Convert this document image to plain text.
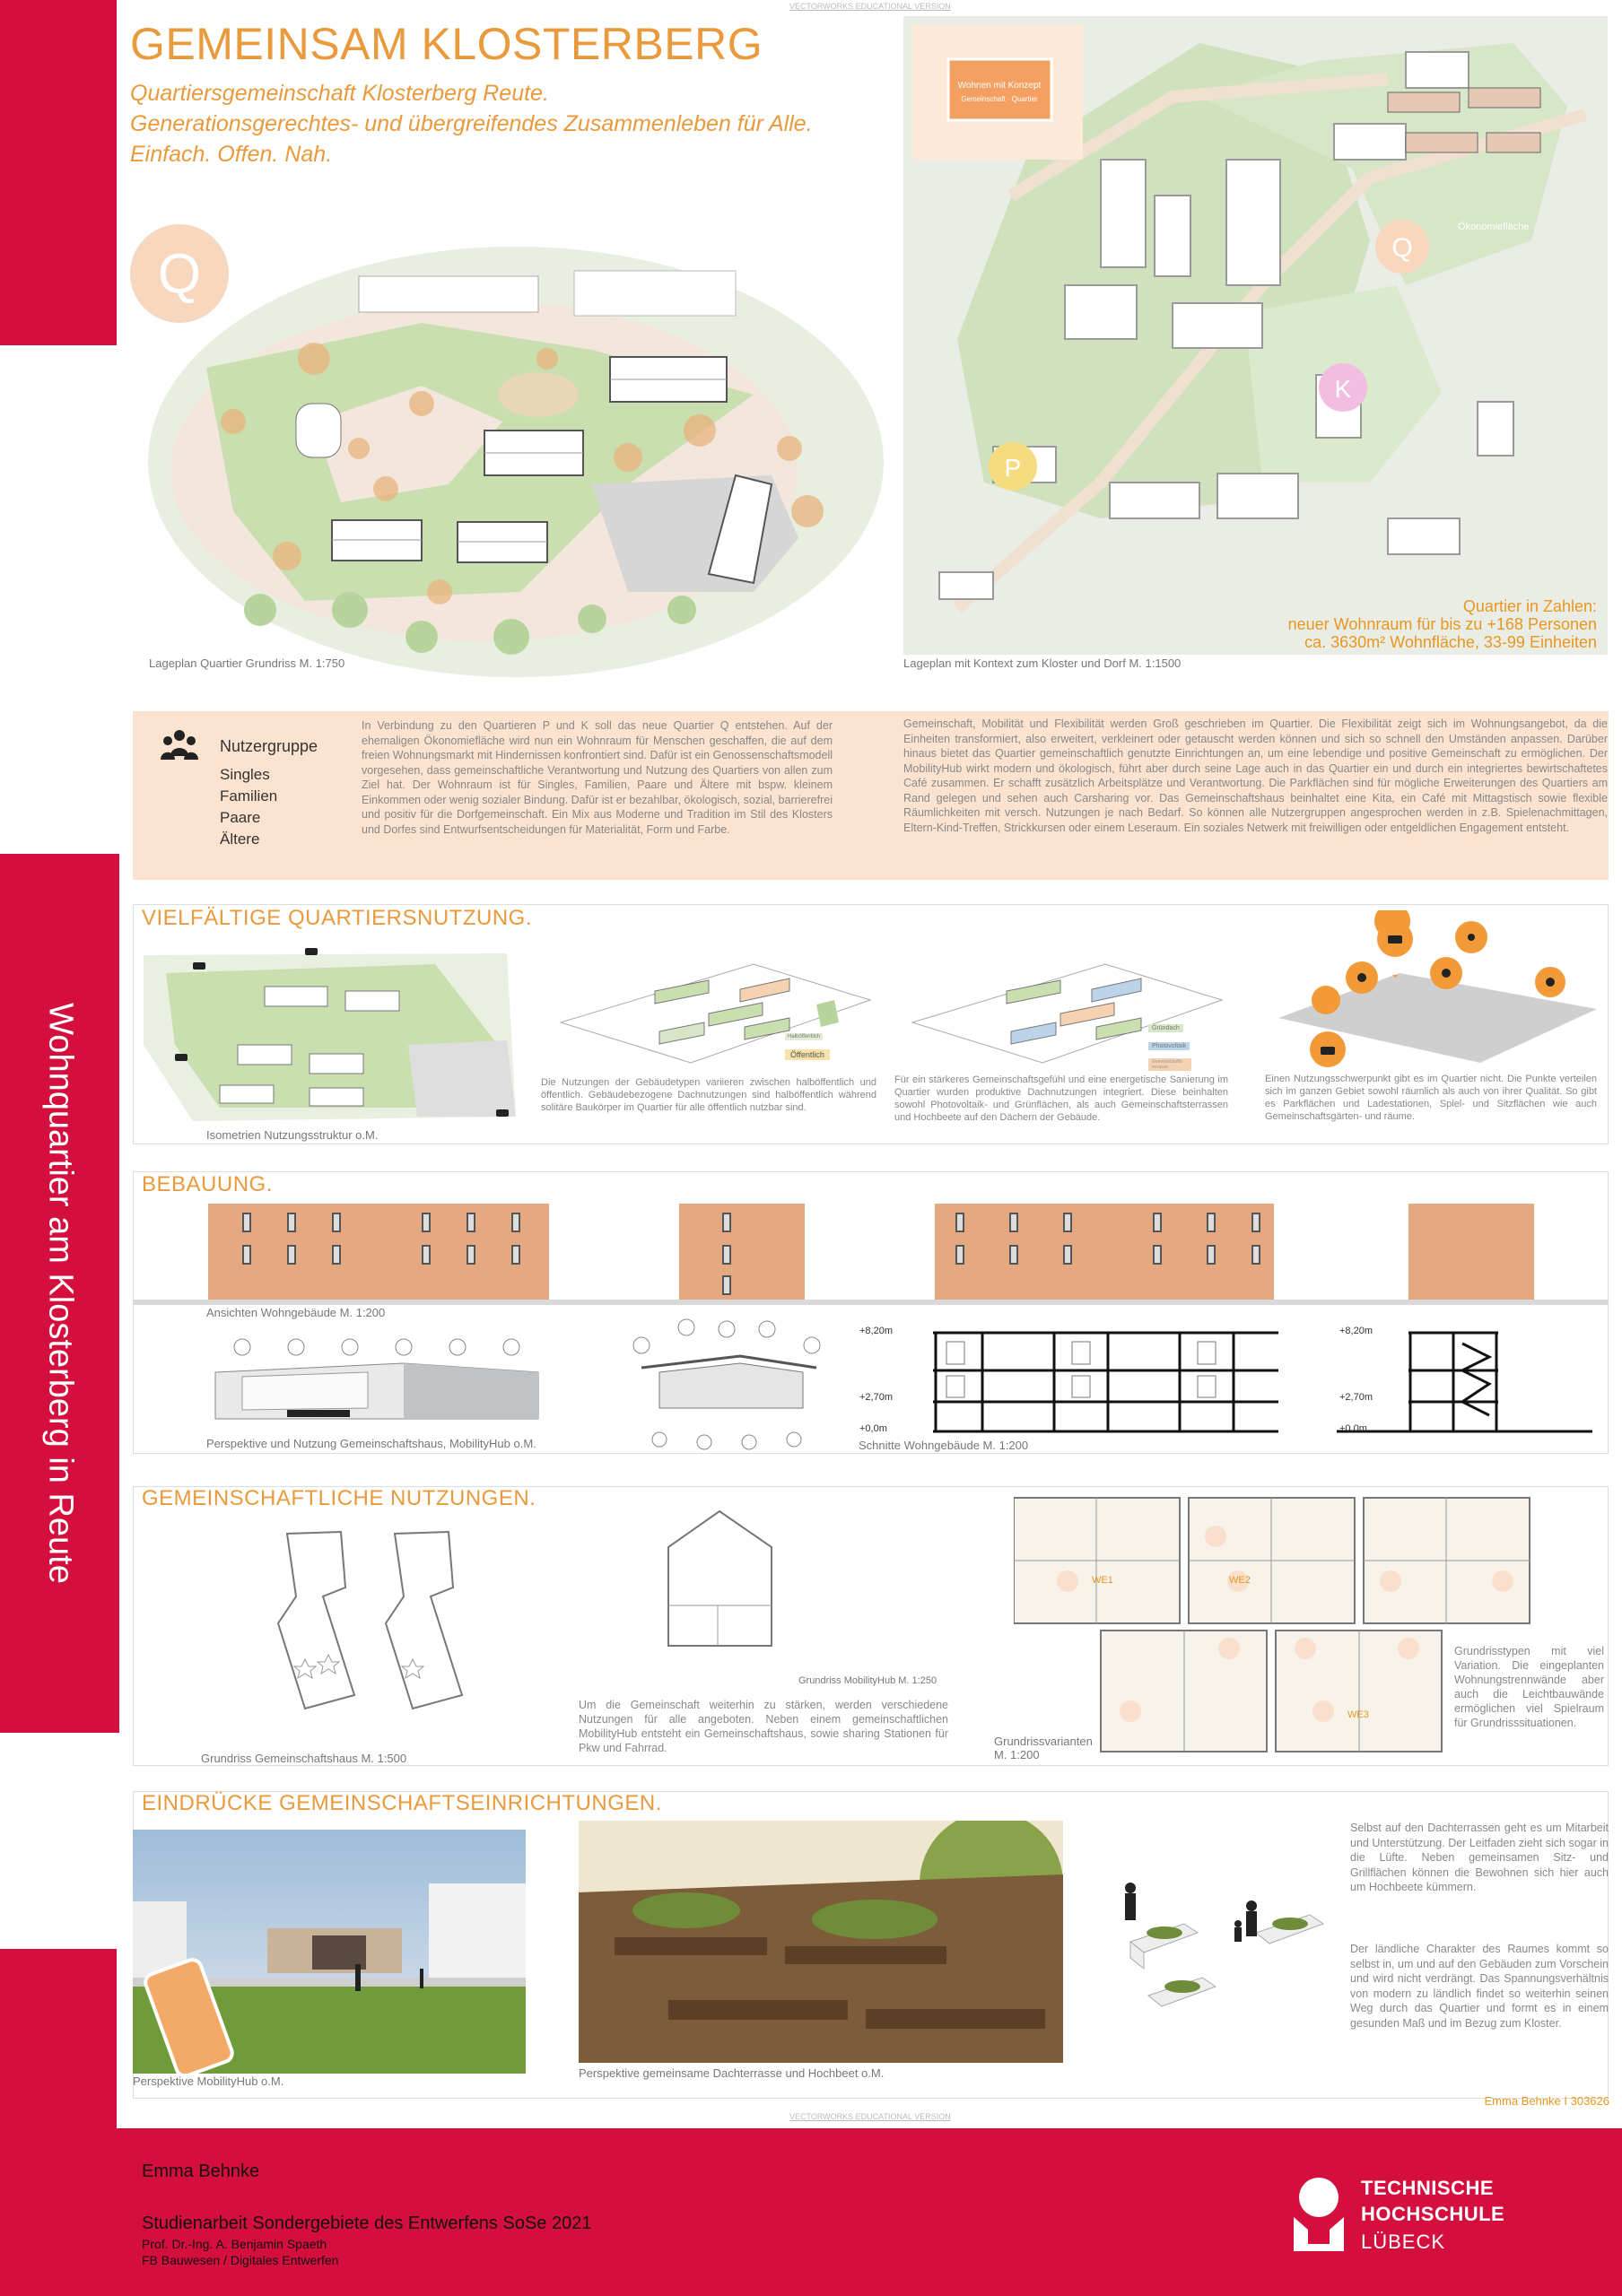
VECTORWORKS EDUCATIONAL VERSION
VECTORWORKS EDUCATIONAL VERSION
Wohnquartier am Klosterberg in Reute
GEMEINSAM KLOSTERBERG
Quartiersgemeinschaft Klosterberg Reute.
Generationsgerechtes- und übergreifendes Zusammenleben für Alle.
Einfach. Offen. Nah.
Q
Lageplan Quartier Grundriss M. 1:750
Wohnen mit Konzept
Gemeinschaft · Quartier
Q
Ökonomiefläche
K
P
Quartier in Zahlen:
neuer Wohnraum für bis zu +168 Personen
ca. 3630m² Wohnfläche, 33-99 Einheiten
Lageplan mit Kontext zum Kloster und Dorf M. 1:1500
Nutzergruppe
Singles
Familien
Paare
Ältere
In Verbindung zu den Quartieren P und K soll das neue Quartier Q entstehen. Auf der ehemaligen Ökonomiefläche wird nun ein Wohnraum für Menschen geschaffen, die auf dem freien Wohnungsmarkt mit Hindernissen konfrontiert sind. Dafür ist ein Genossenschaftsmodell vorgesehen, dass gemeinschaftliche Verantwortung und Nutzung des Quartiers von allen zum Ziel hat. Der Wohnraum ist für Singles, Familien, Paare und Ältere mit bspw. kleinem Einkommen oder wenig sozialer Bindung. Dafür ist er bezahlbar, ökologisch, sozial, barrierefrei und positiv für die Dorfgemeinschaft. Ein Mix aus Moderne und Tradition im Stil des Klosters und Dorfes sind Entwurfsentscheidungen für Materialität, Form und Farbe.
Gemeinschaft, Mobilität und Flexibilität werden Groß geschrieben im Quartier. Die Flexibilität zeigt sich im Wohnungsangebot, da die Einheiten transformiert, also erweitert, verkleinert oder getauscht werden können und sich so schnell den Umständen anpassen. Darüber hinaus bietet das Quartier gemeinschaftlich genutzte Einrichtungen an, um eine lebendige und positive Gemeinschaft zu ermöglichen. Der MobilityHub wirkt modern und ökologisch, führt aber durch seine Lage auch in das Quartier ein und durch ein integriertes bewirtschaftetes Café zusammen. Er schafft zusätzlich Arbeitsplätze und Verantwortung. Die Parkflächen sind für mögliche Erweiterungen des Quartiers am Rand gelegen und sehen auch Carsharing vor. Das Gemeinschaftshaus beinhaltet eine Kita, ein Café mit Mittagstisch sowie flexible Räumlichkeiten mit versch. Nutzungen je nach Bedarf. So können alle Nutzergruppen angesprochen werden in z.B. Spielenachmittagen, Eltern-Kind-Treffen, Strickkursen oder einem Leseraum. Ein soziales Netwerk mit freiwilligen oder entgeldlichen Engagement entsteht.
VIELFÄLTIGE QUARTIERSNUTZUNG.
Isometrien Nutzungsstruktur o.M.
Halböffentlich
Öffentlich
Die Nutzungen der Gebäudetypen variieren zwischen halböffentlich und öffentlich. Gebäudebezogene Dachnutzungen sind halböffentlich während solitäre Baukörper im Quartier für alle öffentlich nutzbar sind.
Gründach
Photovoltaik
Gemeinschafts-terrasse
Für ein stärkeres Gemeinschaftsgefühl und eine energetische Sanierung im Quartier wurden produktive Dachnutzungen integriert. Diese beinhalten sowohl Photovoltaik- und Grünflächen, als auch Gemeinschaftsterrassen und Hochbeete auf den Dächern der Gebäude.
Einen Nutzungsschwerpunkt gibt es im Quartier nicht. Die Punkte verteilen sich im ganzen Gebiet sowohl räumlich als auch von ihrer Qualität. So gibt es Parkflächen und Ladestationen, Spiel- und Sitzflächen wie auch Gemeinschaftsgärten- und räume.
BEBAUUNG.
Ansichten Wohngebäude M. 1:200
Perspektive und Nutzung Gemeinschaftshaus, MobilityHub o.M.
+8,20m
+2,70m
+0,0m
+8,20m
+2,70m
+0,0m
Schnitte Wohngebäude M. 1:200
GEMEINSCHAFTLICHE NUTZUNGEN.
Grundriss Gemeinschaftshaus M. 1:500
Grundriss MobilityHub M. 1:250
Um die Gemeinschaft weiterhin zu stärken, werden verschiedene Nutzungen für alle angeboten. Neben einem gemeinschaftlichen MobilityHub entsteht ein Gemeinschaftshaus, sowie sharing Stationen für Pkw und Fahrrad.
WE1	WE2
WE3
Grundrisstypen mit viel Variation. Die eingeplanten Wohnungstrennwände aber auch die Leichtbauwände ermöglichen viel Spielraum für Grundrisssituationen.
Grundrissvarianten M. 1:200
EINDRÜCKE GEMEINSCHAFTSEINRICHTUNGEN.
Perspektive MobilityHub o.M.
Perspektive gemeinsame Dachterrasse und Hochbeet o.M.
Selbst auf den Dachterrassen geht es um Mitarbeit und Unterstützung. Der Leitfaden zieht sich sogar in die Lüfte. Neben gemeinsamen Sitz- und Grillflächen können die Bewohnen sich hier auch um Hochbeete kümmern.
Der ländliche Charakter des Raumes kommt so selbst in, um und auf den Gebäuden zum Vorschein und wird nicht verdrängt. Das Spannungsverhältnis von modern zu ländlich findet so weiterhin seinen Weg durch das Quartier und formt es in einem gesunden Maß und im Bezug zum Kloster.
Emma Behnke I 303626
Emma Behnke
Studienarbeit Sondergebiete des Entwerfens SoSe 2021
Prof. Dr.-Ing. A. Benjamin Spaeth
FB Bauwesen / Digitales Entwerfen
TECHNISCHE
HOCHSCHULE
LÜBECK
